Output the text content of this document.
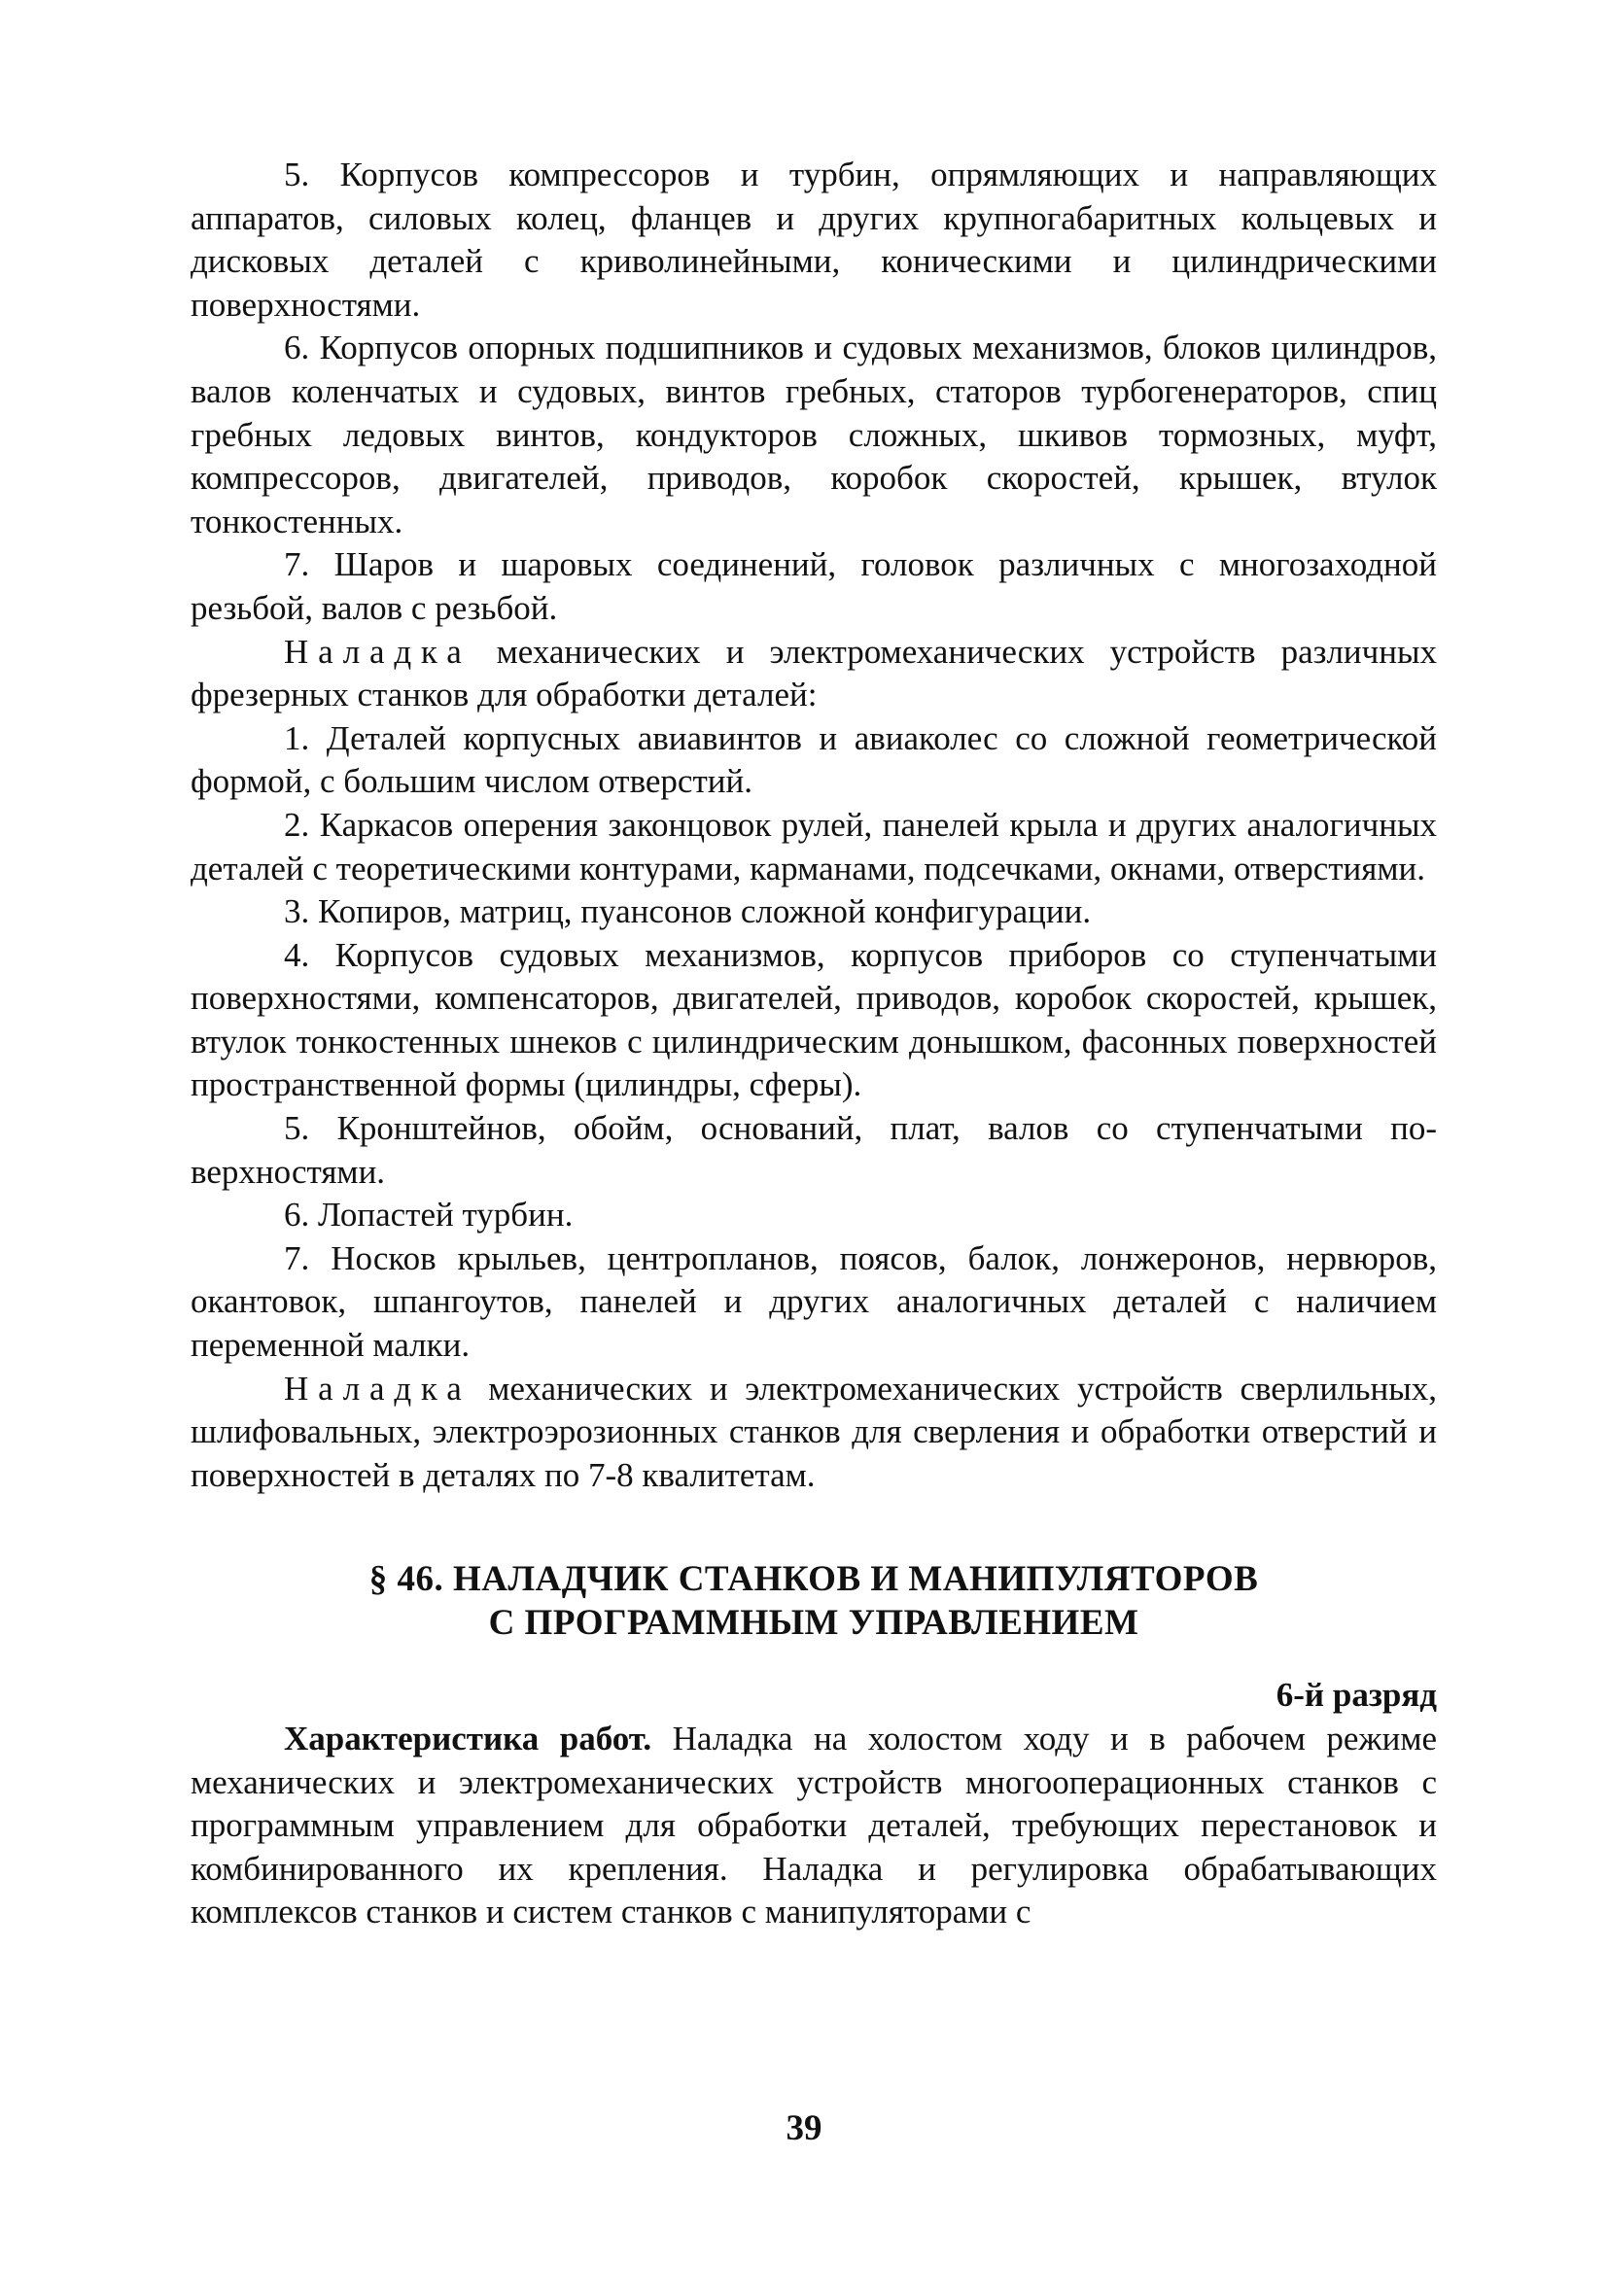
5. Корпусов компрессоров и турбин, опрямляющих и направляющих аппаратов, силовых колец, фланцев и других крупногабаритных кольцевых и дисковых деталей с криволинейными, коническими и цилиндрическими поверхностями.

6. Корпусов опорных подшипников и судовых механизмов, блоков цилиндров, валов коленчатых и судовых, винтов гребных, статоров турбогенераторов, спиц гребных ледовых винтов, кондукторов сложных, шкивов тормозных, муфт, компрессоров, двигателей, приводов, коробок скоростей, крышек, втулок тонкостенных.

7. Шаров и шаровых соединений, головок различных с многозаходной резьбой, валов с резьбой.

Наладка механических и электромеханических устройств различных фрезерных станков для обработки деталей:

1. Деталей корпусных авиавинтов и авиаколес со сложной геометрической формой, с большим числом отверстий.

2. Каркасов оперения законцовок рулей, панелей крыла и других аналогичных деталей с теоретическими контурами, карманами, подсечками, окнами, отверстиями.

3. Копиров, матриц, пуансонов сложной конфигурации.

4. Корпусов судовых механизмов, корпусов приборов со ступенчатыми поверхностями, компенсаторов, двигателей, приводов, коробок скоростей, крышек, втулок тонкостенных шнеков с цилиндрическим донышком, фасонных поверхностей пространственной формы (цилиндры, сферы).

5. Кронштейнов, обойм, оснований, плат, валов со ступенчатыми поверхностями.

6. Лопастей турбин.

7. Носков крыльев, центропланов, поясов, балок, лонжеронов, нервюров, окантовок, шпангоутов, панелей и других аналогичных деталей с наличием переменной малки.

Наладка механических и электромеханических устройств сверлильных, шлифовальных, электроэрозионных станков для сверления и обработки отверстий и поверхностей в деталях по 7-8 квалитетам.

§ 46. НАЛАДЧИК СТАНКОВ И МАНИПУЛЯТОРОВ
С ПРОГРАММНЫМ УПРАВЛЕНИЕМ
6-й разряд

Характеристика работ. Наладка на холостом ходу и в рабочем режиме механических и электромеханических устройств многооперационных станков с программным управлением для обработки деталей, требующих перестановок и комбинированного их крепления. Наладка и регулировка обрабатывающих комплексов станков и систем станков с манипуляторами с

39
